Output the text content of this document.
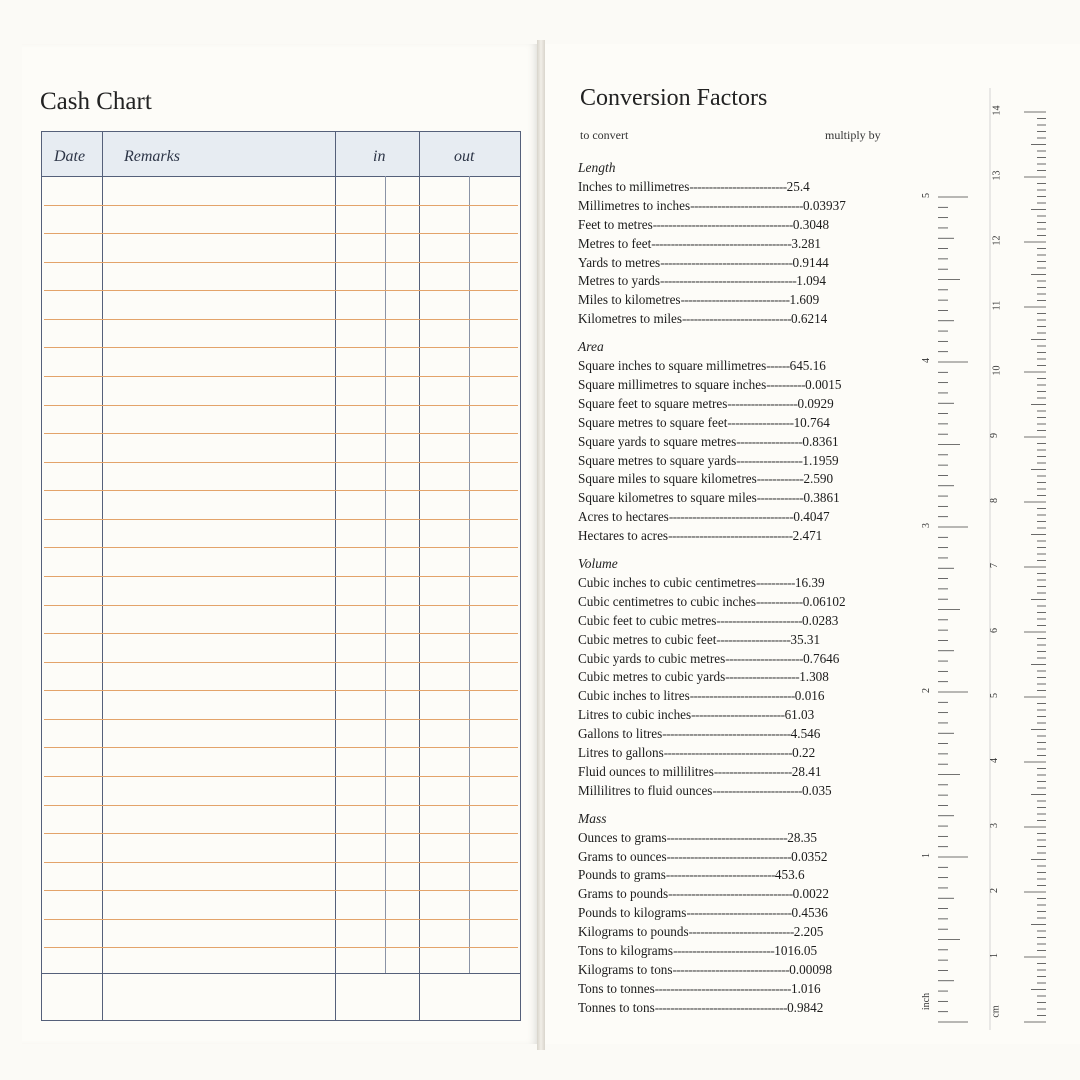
Cash Chart
Date Remarks	in	out
Conversion Factors
to convert	multiply by
Length
Inches to millimetres-------------------------25.4
Millimetres to inches-----------------------------0.03937
Feet to metres------------------------------------0.3048
Metres to feet------------------------------------3.281
Yards to metres----------------------------------0.9144
Metres to yards-----------------------------------1.094
Miles to kilometres----------------------------1.609
Kilometres to miles----------------------------0.6214
Area
Square inches to square millimetres------645.16
Square millimetres to square inches----------0.0015
Square feet to square metres------------------0.0929
Square metres to square feet-----------------10.764
Square yards to square metres-----------------0.8361
Square metres to square yards-----------------1.1959
Square miles to square kilometres------------2.590
Square kilometres to square miles------------0.3861
Acres to hectares--------------------------------0.4047
Hectares to acres--------------------------------2.471
Volume
Cubic inches to cubic centimetres----------16.39
Cubic centimetres to cubic inches------------0.06102
Cubic feet to cubic metres----------------------0.0283
Cubic metres to cubic feet-------------------35.31
Cubic yards to cubic metres--------------------0.7646
Cubic metres to cubic yards-------------------1.308
Cubic inches to litres---------------------------0.016
Litres to cubic inches------------------------61.03
Gallons to litres---------------------------------4.546
Litres to gallons---------------------------------0.22
Fluid ounces to millilitres--------------------28.41
Millilitres to fluid ounces-----------------------0.035
Mass
Ounces to grams-------------------------------28.35
Grams to ounces--------------------------------0.0352
Pounds to grams----------------------------453.6
Grams to pounds--------------------------------0.0022
Pounds to kilograms---------------------------0.4536
Kilograms to pounds---------------------------2.205
Tons to kilograms--------------------------1016.05
Kilograms to tons------------------------------0.00098
Tons to tonnes-----------------------------------1.016
Tonnes to tons----------------------------------0.9842
1
2
3
4
5
6
7
8
9
10
11
12
13
14
1
2
3
4
5
inch
cm
